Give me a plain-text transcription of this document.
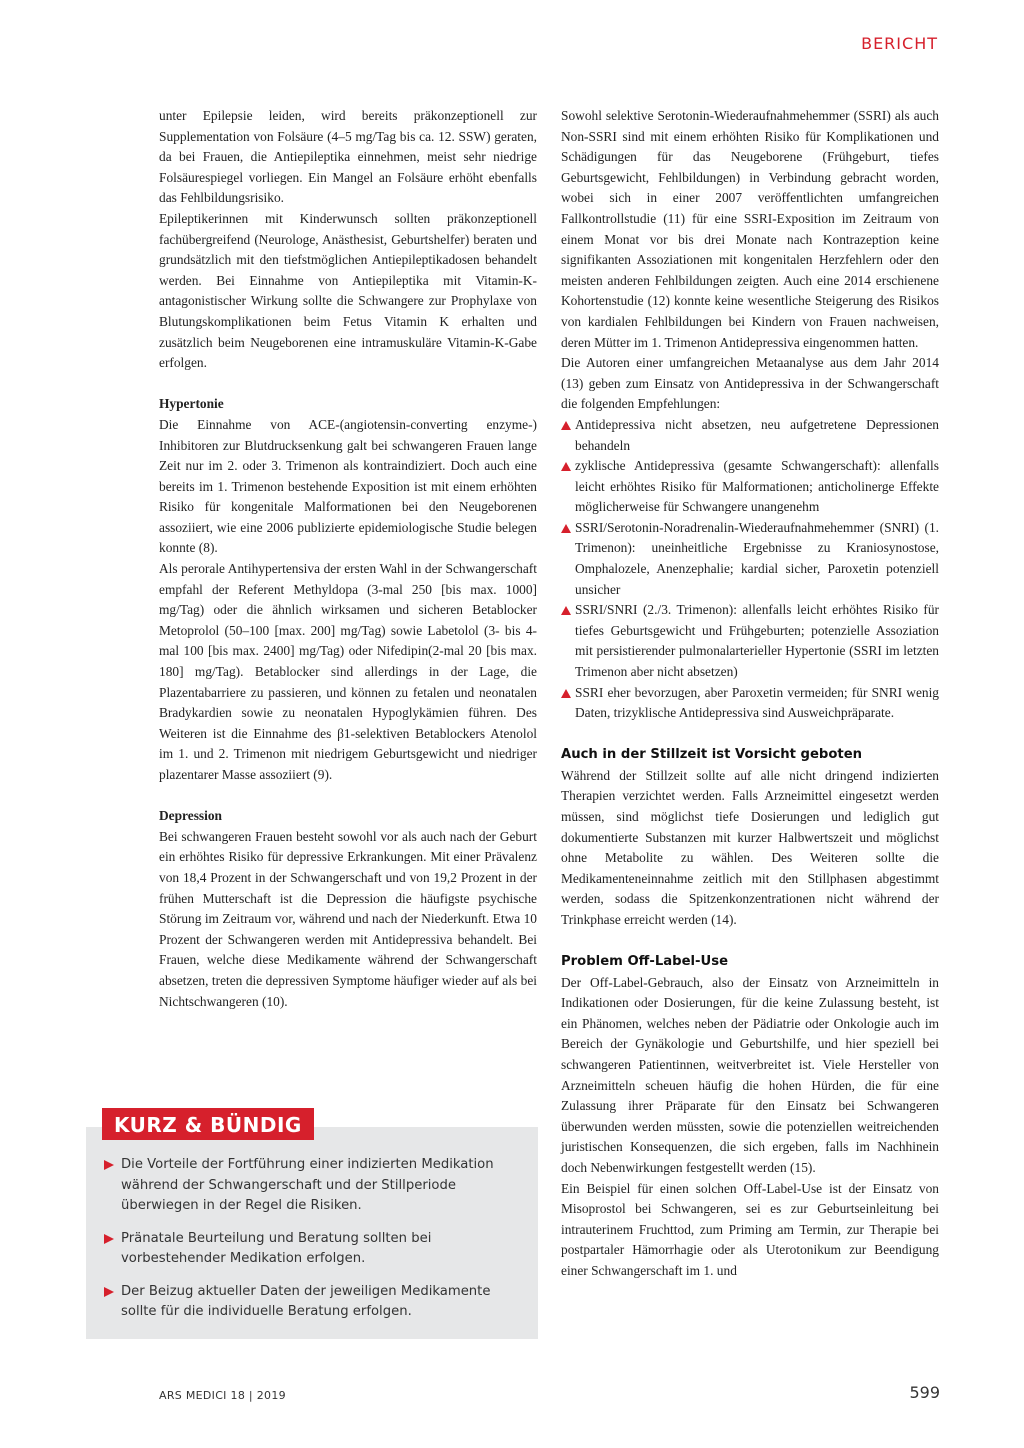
BERICHT

unter Epilepsie leiden, wird bereits präkonzeptionell zur Supplementation von Folsäure (4–5 mg/Tag bis ca. 12. SSW) geraten, da bei Frauen, die Antiepileptika einnehmen, meist sehr niedrige Folsäurespiegel vorliegen. Ein Mangel an Folsäure erhöht ebenfalls das Fehlbildungsrisiko.

Epileptikerinnen mit Kinderwunsch sollten präkonzeptionell fachübergreifend (Neurologe, Anästhesist, Geburtshelfer) beraten und grundsätzlich mit den tiefstmöglichen Antiepileptikadosen behandelt werden. Bei Einnahme von Antiepileptika mit Vitamin-K-antagonistischer Wirkung sollte die Schwangere zur Prophylaxe von Blutungskomplikationen beim Fetus Vitamin K erhalten und zusätzlich beim Neugeborenen eine intramuskuläre Vitamin-K-Gabe erfolgen.

Hypertonie

Die Einnahme von ACE-(angiotensin-converting enzyme-) Inhibitoren zur Blutdrucksenkung galt bei schwangeren Frauen lange Zeit nur im 2. oder 3. Trimenon als kontraindiziert. Doch auch eine bereits im 1. Trimenon bestehende Exposition ist mit einem erhöhten Risiko für kongenitale Malformationen bei den Neugeborenen assoziiert, wie eine 2006 publizierte epidemiologische Studie belegen konnte (8).

Als perorale Antihypertensiva der ersten Wahl in der Schwangerschaft empfahl der Referent Methyldopa (3-mal 250 [bis max. 1000] mg/Tag) oder die ähnlich wirksamen und sicheren Betablocker Metoprolol (50–100 [max. 200] mg/Tag) sowie Labetolol (3- bis 4-mal 100 [bis max. 2400] mg/Tag) oder Nifedipin(2-mal 20 [bis max. 180] mg/Tag). Betablocker sind allerdings in der Lage, die Plazentabarriere zu passieren, und können zu fetalen und neonatalen Bradykardien sowie zu neonatalen Hypoglykämien führen. Des Weiteren ist die Einnahme des β1-selektiven Betablockers Atenolol im 1. und 2. Trimenon mit niedrigem Geburtsgewicht und niedriger plazentarer Masse assoziiert (9).

Depression

Bei schwangeren Frauen besteht sowohl vor als auch nach der Geburt ein erhöhtes Risiko für depressive Erkrankungen. Mit einer Prävalenz von 18,4 Prozent in der Schwangerschaft und von 19,2 Prozent in der frühen Mutterschaft ist die Depression die häufigste psychische Störung im Zeitraum vor, während und nach der Niederkunft. Etwa 10 Prozent der Schwangeren werden mit Antidepressiva behandelt. Bei Frauen, welche diese Medikamente während der Schwangerschaft absetzen, treten die depressiven Symptome häufiger wieder auf als bei Nichtschwangeren (10).

Sowohl selektive Serotonin-Wiederaufnahmehemmer (SSRI) als auch Non-SSRI sind mit einem erhöhten Risiko für Komplikationen und Schädigungen für das Neugeborene (Frühgeburt, tiefes Geburtsgewicht, Fehlbildungen) in Verbindung gebracht worden, wobei sich in einer 2007 veröffentlichten umfangreichen Fallkontrollstudie (11) für eine SSRI-Exposition im Zeitraum von einem Monat vor bis drei Monate nach Kontrazeption keine signifikanten Assoziationen mit kongenitalen Herzfehlern oder den meisten anderen Fehlbildungen zeigten. Auch eine 2014 erschienene Kohortenstudie (12) konnte keine wesentliche Steigerung des Risikos von kardialen Fehlbildungen bei Kindern von Frauen nachweisen, deren Mütter im 1. Trimenon Antidepressiva eingenommen hatten.

Die Autoren einer umfangreichen Metaanalyse aus dem Jahr 2014 (13) geben zum Einsatz von Antidepressiva in der Schwangerschaft die folgenden Empfehlungen:

Antidepressiva nicht absetzen, neu aufgetretene Depressionen behandeln
zyklische Antidepressiva (gesamte Schwangerschaft): allenfalls leicht erhöhtes Risiko für Malformationen; anticholinerge Effekte möglicherweise für Schwangere unangenehm
SSRI/Serotonin-Noradrenalin-Wiederaufnahmehemmer (SNRI) (1. Trimenon): uneinheitliche Ergebnisse zu Kraniosynostose, Omphalozele, Anenzephalie; kardial sicher, Paroxetin potenziell unsicher
SSRI/SNRI (2./3. Trimenon): allenfalls leicht erhöhtes Risiko für tiefes Geburtsgewicht und Frühgeburten; potenzielle Assoziation mit persistierender pulmonalarterieller Hypertonie (SSRI im letzten Trimenon aber nicht absetzen)
SSRI eher bevorzugen, aber Paroxetin vermeiden; für SNRI wenig Daten, trizyklische Antidepressiva sind Ausweichpräparate.
Auch in der Stillzeit ist Vorsicht geboten

Während der Stillzeit sollte auf alle nicht dringend indizierten Therapien verzichtet werden. Falls Arzneimittel eingesetzt werden müssen, sind möglichst tiefe Dosierungen und lediglich gut dokumentierte Substanzen mit kurzer Halbwertszeit und möglichst ohne Metabolite zu wählen. Des Weiteren sollte die Medikamenteneinnahme zeitlich mit den Stillphasen abgestimmt werden, sodass die Spitzenkonzentrationen nicht während der Trinkphase erreicht werden (14).

Problem Off-Label-Use

Der Off-Label-Gebrauch, also der Einsatz von Arzneimitteln in Indikationen oder Dosierungen, für die keine Zulassung besteht, ist ein Phänomen, welches neben der Pädiatrie oder Onkologie auch im Bereich der Gynäkologie und Geburtshilfe, und hier speziell bei schwangeren Patientinnen, weitverbreitet ist. Viele Hersteller von Arzneimitteln scheuen häufig die hohen Hürden, die für eine Zulassung ihrer Präparate für den Einsatz bei Schwangeren überwunden werden müssten, sowie die potenziellen weitreichenden juristischen Konsequenzen, die sich ergeben, falls im Nachhinein doch Nebenwirkungen festgestellt werden (15).

Ein Beispiel für einen solchen Off-Label-Use ist der Einsatz von Misoprostol bei Schwangeren, sei es zur Geburtseinleitung bei intrauterinem Fruchttod, zum Priming am Termin, zur Therapie bei postpartaler Hämorrhagie oder als Uterotonikum zur Beendigung einer Schwangerschaft im 1. und

KURZ & BÜNDIG
Die Vorteile der Fortführung einer indizierten Medikation während der Schwangerschaft und der Stillperiode überwiegen in der Regel die Risiken.
Pränatale Beurteilung und Beratung sollten bei vorbestehender Medikation erfolgen.
Der Beizug aktueller Daten der jeweiligen Medikamente sollte für die individuelle Beratung erfolgen.
ARS MEDICI 18 | 2019	599
